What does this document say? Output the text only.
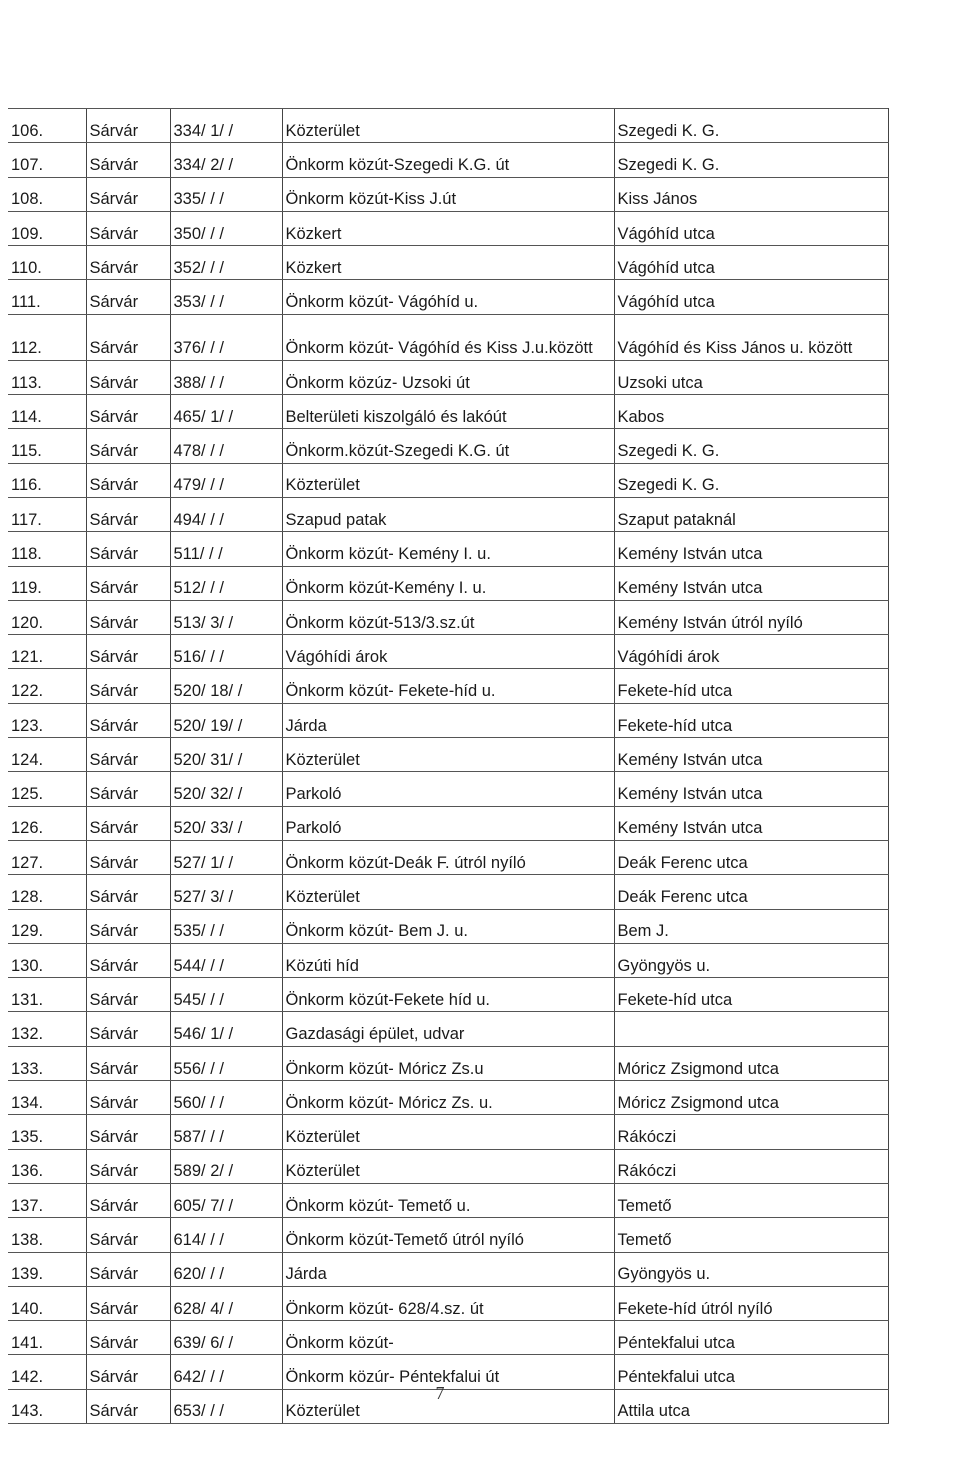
106.	Sárvár	334/ 1/ /	Közterület	Szegedi K. G.
107.	Sárvár	334/ 2/ /	Önkorm közút-Szegedi K.G. út	Szegedi K. G.
108.	Sárvár	335/ / /	Önkorm közút-Kiss J.út	Kiss János
109.	Sárvár	350/ / /	Közkert	Vágóhíd utca
110.	Sárvár	352/ / /	Közkert	Vágóhíd utca
111.	Sárvár	353/ / /	Önkorm közút- Vágóhíd u.	Vágóhíd utca
112.	Sárvár	376/ / /	Önkorm közút- Vágóhíd és Kiss J.u.között	Vágóhíd és Kiss János u. között
113.	Sárvár	388/ / /	Önkorm közúz- Uzsoki út	Uzsoki utca
114.	Sárvár	465/ 1/ /	Belterületi kiszolgáló és lakóút	Kabos
115.	Sárvár	478/ / /	Önkorm.közút-Szegedi K.G. út	Szegedi K. G.
116.	Sárvár	479/ / /	Közterület	Szegedi K. G.
117.	Sárvár	494/ / /	Szapud patak	Szaput pataknál
118.	Sárvár	511/ / /	Önkorm közút- Kemény I. u.	Kemény István utca
119.	Sárvár	512/ / /	Önkorm közút-Kemény I. u.	Kemény István utca
120.	Sárvár	513/ 3/ /	Önkorm közút-513/3.sz.út	Kemény István útról nyíló
121.	Sárvár	516/ / /	Vágóhídi árok	Vágóhídi árok
122.	Sárvár	520/ 18/ /	Önkorm közút- Fekete-híd u.	Fekete-híd utca
123.	Sárvár	520/ 19/ /	Járda	Fekete-híd utca
124.	Sárvár	520/ 31/ /	Közterület	Kemény István utca
125.	Sárvár	520/ 32/ /	Parkoló	Kemény István utca
126.	Sárvár	520/ 33/ /	Parkoló	Kemény István utca
127.	Sárvár	527/ 1/ /	Önkorm közút-Deák F. útról nyíló	Deák Ferenc utca
128.	Sárvár	527/ 3/ /	Közterület	Deák Ferenc utca
129.	Sárvár	535/ / /	Önkorm közút- Bem J. u.	Bem J.
130.	Sárvár	544/ / /	Közúti híd	Gyöngyös u.
131.	Sárvár	545/ / /	Önkorm közút-Fekete híd u.	Fekete-híd utca
132.	Sárvár	546/ 1/ /	Gazdasági épület, udvar	
133.	Sárvár	556/ / /	Önkorm közút- Móricz Zs.u	Móricz Zsigmond utca
134.	Sárvár	560/ / /	Önkorm közút- Móricz Zs. u.	Móricz Zsigmond utca
135.	Sárvár	587/ / /	Közterület	Rákóczi
136.	Sárvár	589/ 2/ /	Közterület	Rákóczi
137.	Sárvár	605/ 7/ /	Önkorm közút- Temető u.	Temető
138.	Sárvár	614/ / /	Önkorm közút-Temető útról nyíló	Temető
139.	Sárvár	620/ / /	Járda	Gyöngyös u.
140.	Sárvár	628/ 4/ /	Önkorm közút- 628/4.sz. út	Fekete-híd útról nyíló
141.	Sárvár	639/ 6/ /	Önkorm közút-	Péntekfalui utca
142.	Sárvár	642/ / /	Önkorm közúr- Péntekfalui út	Péntekfalui utca
143.	Sárvár	653/ / /	Közterület	Attila utca
7
